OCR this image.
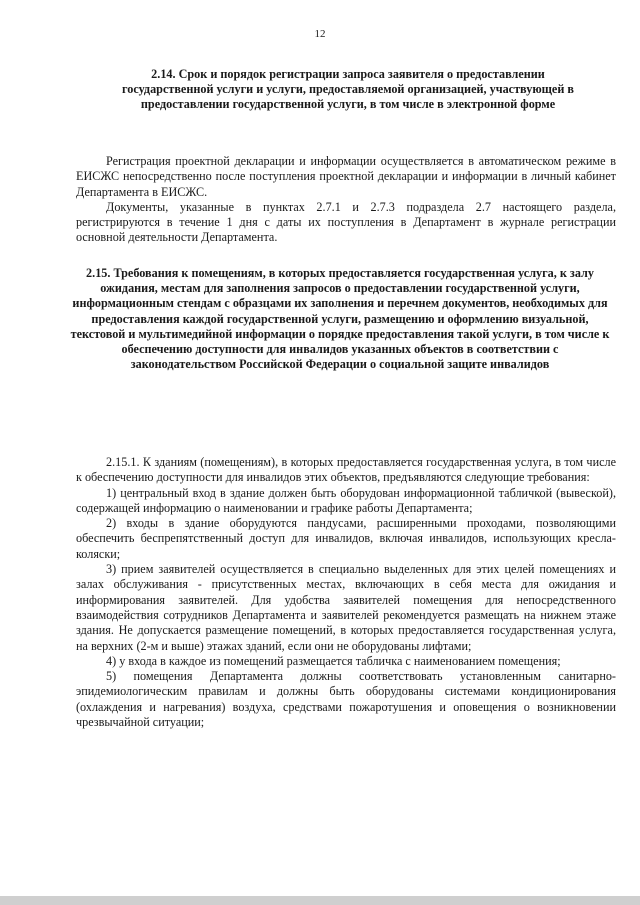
12
2.14. Срок и порядок регистрации запроса заявителя о предоставлении государственной услуги и услуги, предоставляемой организацией, участвующей в предоставлении государственной услуги, в том числе в электронной форме

Регистрация проектной декларации и информации осуществляется в автоматическом режиме в ЕИСЖС непосредственно после поступления проектной декларации и информации в личный кабинет Департамента в ЕИСЖС.

Документы, указанные в пунктах 2.7.1 и 2.7.3 подраздела 2.7 настоящего раздела, регистрируются в течение 1 дня с даты их поступления в Департамент в журнале регистрации основной деятельности Департамента.

2.15. Требования к помещениям, в которых предоставляется государственная услуга, к залу ожидания, местам для заполнения запросов о предоставлении государственной услуги, информационным стендам с образцами их заполнения и перечнем документов, необходимых для предоставления каждой государственной услуги, размещению и оформлению визуальной, текстовой и мультимедийной информации о порядке предоставления такой услуги, в том числе к обеспечению доступности для инвалидов указанных объектов в соответствии с законодательством Российской Федерации о социальной защите инвалидов

2.15.1. К зданиям (помещениям), в которых предоставляется государственная услуга, в том числе к обеспечению доступности для инвалидов этих объектов, предъявляются следующие требования:

1) центральный вход в здание должен быть оборудован информационной табличкой (вывеской), содержащей информацию о наименовании и графике работы Департамента;

2) входы в здание оборудуются пандусами, расширенными проходами, позволяющими обеспечить беспрепятственный доступ для инвалидов, включая инвалидов, использующих кресла-коляски;

3) прием заявителей осуществляется в специально выделенных для этих целей помещениях и залах обслуживания - присутственных местах, включающих в себя места для ожидания и информирования заявителей. Для удобства заявителей помещения для непосредственного взаимодействия сотрудников Департамента и заявителей рекомендуется размещать на нижнем этаже здания. Не допускается размещение помещений, в которых предоставляется государственная услуга, на верхних (2-м и выше) этажах зданий, если они не оборудованы лифтами;

4) у входа в каждое из помещений размещается табличка с наименованием помещения;

5) помещения Департамента должны соответствовать установленным санитарно-эпидемиологическим правилам и должны быть оборудованы системами кондиционирования (охлаждения и нагревания) воздуха, средствами пожаротушения и оповещения о возникновении чрезвычайной ситуации;
